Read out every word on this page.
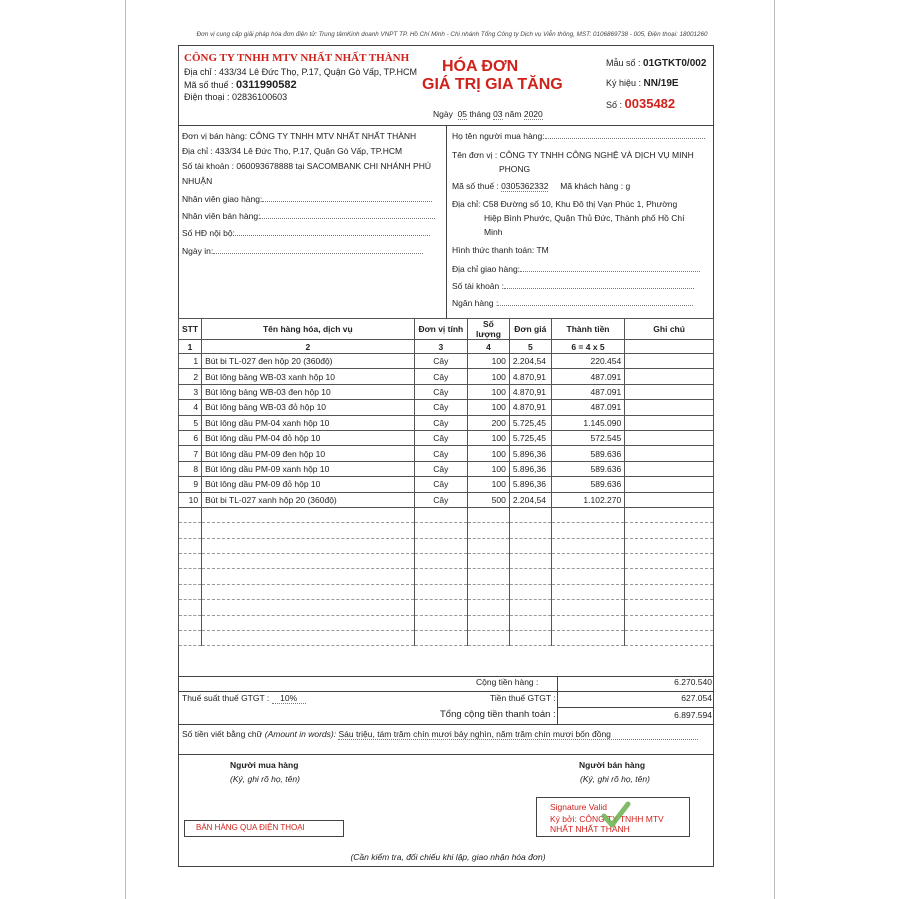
Đơn vị cung cấp giải pháp hóa đơn điện tử: Trung tâmKinh doanh VNPT TP. Hồ Chí Minh - Chi nhánh Tổng Công ty Dịch vụ Viễn thông, MST: 0106869738 - 005, Điện thoại: 18001260
CÔNG TY TNHH MTV NHẤT NHẤT THÀNH
Địa chỉ : 433/34 Lê Đức Thọ, P.17, Quận Gò Vấp, TP.HCM
Mã số thuế : 0311990582
Điện thoại : 02836100603
HÓA ĐƠN
GIÁ TRỊ GIA TĂNG
Ngày 05 tháng 03 năm 2020
Mẫu số : 01GTKT0/002
Ký hiệu : NN/19E
Số : 0035482
Đơn vị bán hàng: CÔNG TY TNHH MTV NHẤT NHẤT THÀNH
Địa chỉ : 433/34 Lê Đức Thọ, P.17, Quận Gò Vấp, TP.HCM
Số tài khoản : 060093678888 tại SACOMBANK CHI NHÁNH PHÚ
NHUẬN
Nhân viên giao hàng:
Nhân viên bán hàng:
Số HĐ nội bộ:
Ngày in:
Họ tên người mua hàng:
Tên đơn vị : CÔNG TY TNHH CÔNG NGHỆ VÀ DỊCH VỤ MINH
PHONG
Mã số thuế : 0305362332 Mã khách hàng : g
Địa chỉ: C58 Đường số 10, Khu Đô thị Vạn Phúc 1, Phường
Hiệp Bình Phước, Quận Thủ Đức, Thành phố Hồ Chí
Minh
Hình thức thanh toán: TM
Địa chỉ giao hàng:
Số tài khoản :
Ngân hàng :
STT	Tên hàng hóa, dịch vụ	Đơn vị tính	Số lượng	Đơn giá	Thành tiền	Ghi chú
1	2	3	4	5	6 = 4 x 5	
1	Bút bi TL-027 đen hộp 20 (360độ)	Cây	100	2.204,54	220.454	
2	Bút lông bảng WB-03 xanh hộp 10	Cây	100	4.870,91	487.091	
3	Bút lông bảng WB-03 đen hộp 10	Cây	100	4.870,91	487.091	
4	Bút lông bảng WB-03 đỏ hộp 10	Cây	100	4.870,91	487.091	
5	Bút lông dầu PM-04 xanh hộp 10	Cây	200	5.725,45	1.145.090	
6	Bút lông dầu PM-04 đỏ hộp 10	Cây	100	5.725,45	572.545	
7	Bút lông dầu PM-09 đen hộp 10	Cây	100	5.896,36	589.636	
8	Bút lông dầu PM-09 xanh hộp 10	Cây	100	5.896,36	589.636	
9	Bút lông dầu PM-09 đỏ hộp 10	Cây	100	5.896,36	589.636	
10	Bút bi TL-027 xanh hộp 20 (360độ)	Cây	500	2.204,54	1.102.270	

Cộng tiền hàng :	6.270.540
Thuế suất thuế GTGT : 10%	Tiền thuế GTGT :	627.054
Tổng cộng tiền thanh toán :	6.897.594
Số tiền viết bằng chữ (Amount in words): Sáu triệu, tám trăm chín mươi bảy nghìn, năm trăm chín mươi bốn đồng
Người mua hàng
(Ký, ghi rõ họ, tên)
Người bán hàng
(Ký, ghi rõ họ, tên)
BÁN HÀNG QUA ĐIỆN THOẠI
Signature Valid
Ký bởi: CÔNG TY TNHH MTV
NHẤT NHẤT THÀNH
(Cần kiểm tra, đối chiếu khi lập, giao nhận hóa đơn)
